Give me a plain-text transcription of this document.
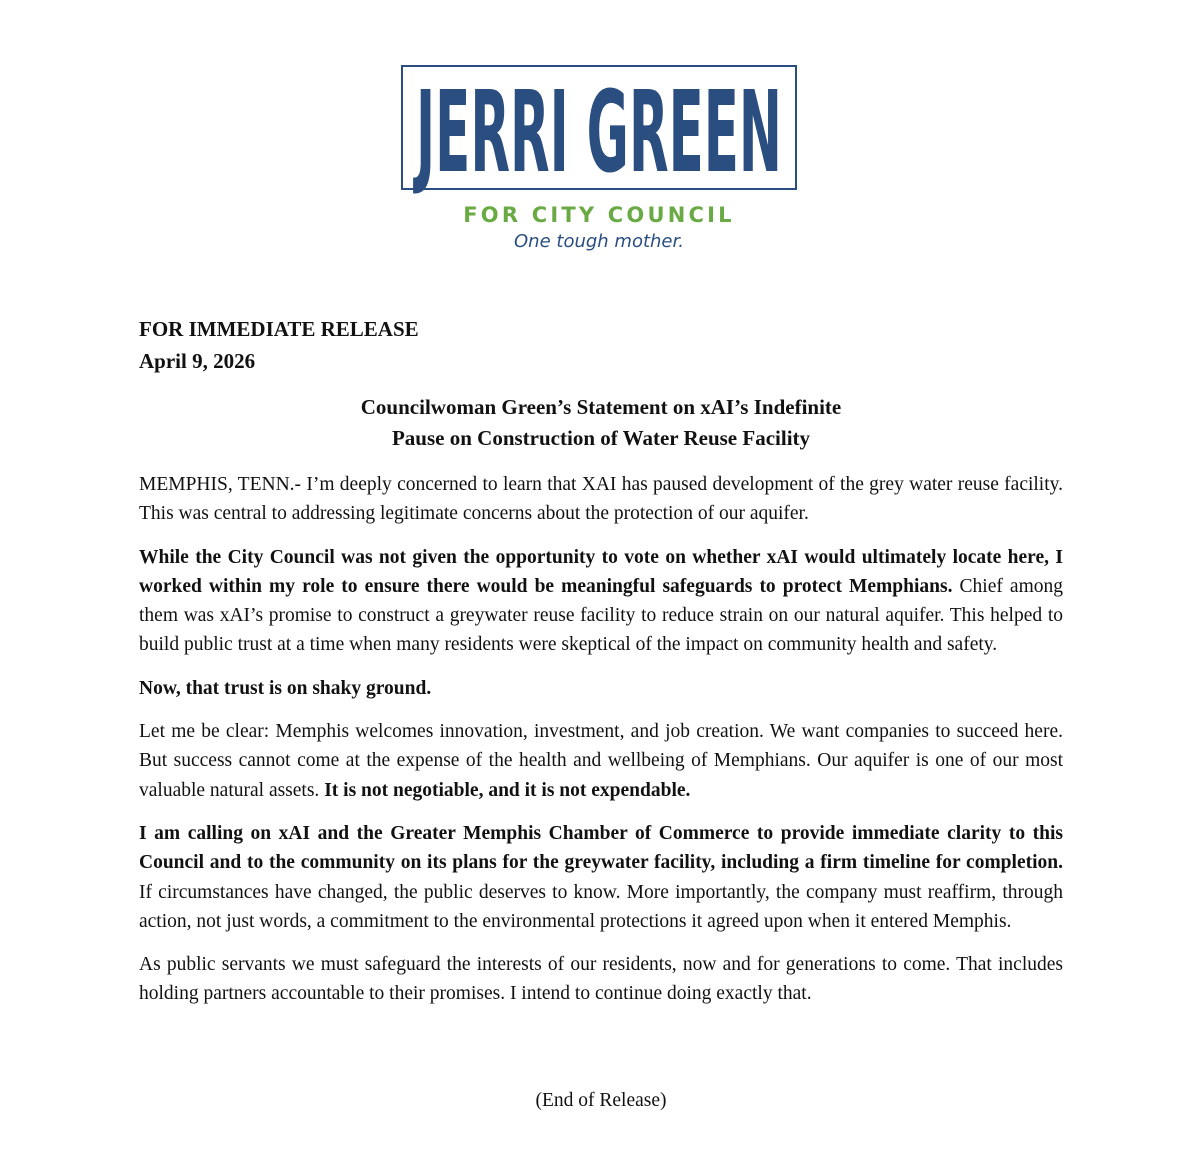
JERRI GREEN
FOR CITY COUNCIL
One tough mother.
FOR IMMEDIATE RELEASE
April 9, 2026
Councilwoman Green’s Statement on xAI’s Indefinite
Pause on Construction of Water Reuse Facility

MEMPHIS, TENN.- I’m deeply concerned to learn that XAI has paused development of the grey water reuse facility. This was central to addressing legitimate concerns about the protection of our aquifer.

While the City Council was not given the opportunity to vote on whether xAI would ultimately locate here, I worked within my role to ensure there would be meaningful safeguards to protect Memphians. Chief among them was xAI’s promise to construct a greywater reuse facility to reduce strain on our natural aquifer. This helped to build public trust at a time when many residents were skeptical of the impact on community health and safety.

Now, that trust is on shaky ground.

Let me be clear: Memphis welcomes innovation, investment, and job creation. We want companies to succeed here. But success cannot come at the expense of the health and wellbeing of Memphians. Our aquifer is one of our most valuable natural assets. It is not negotiable, and it is not expendable.

I am calling on xAI and the Greater Memphis Chamber of Commerce to provide immediate clarity to this Council and to the community on its plans for the greywater facility, including a firm timeline for completion. If circumstances have changed, the public deserves to know. More importantly, the company must reaffirm, through action, not just words, a commitment to the environmental protections it agreed upon when it entered Memphis.

As public servants we must safeguard the interests of our residents, now and for generations to come. That includes holding partners accountable to their promises. I intend to continue doing exactly that.

(End of Release)
